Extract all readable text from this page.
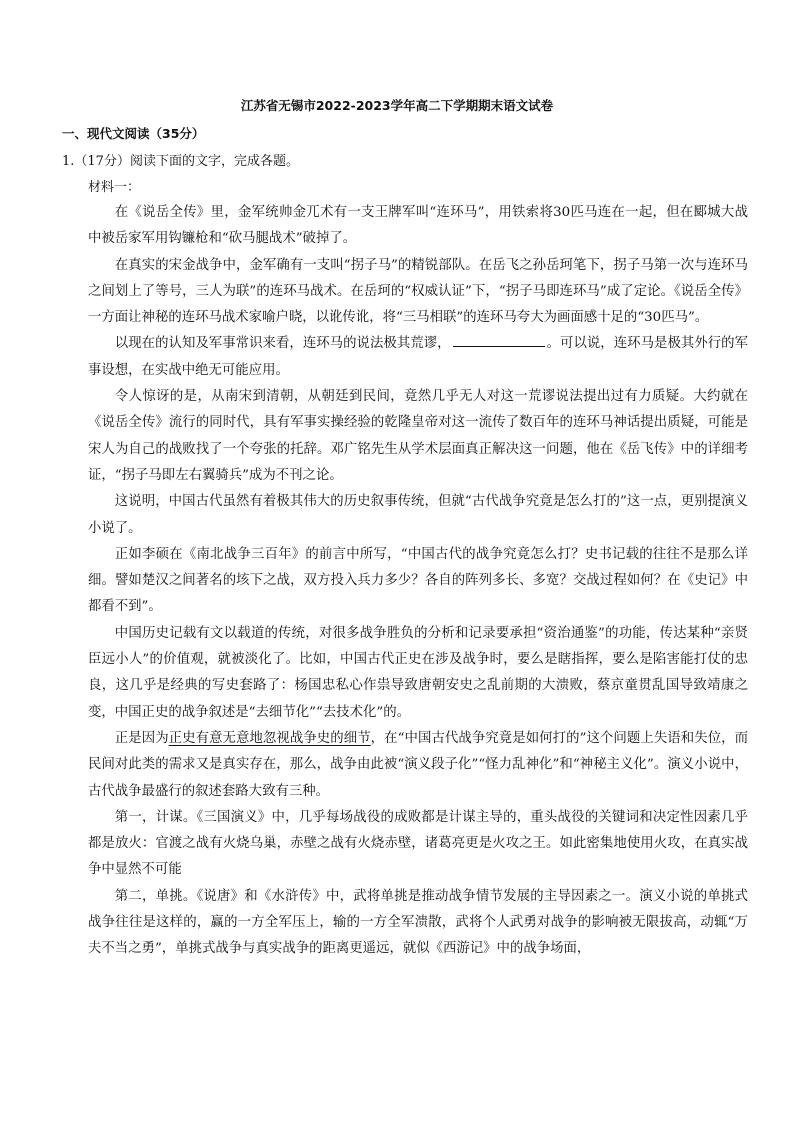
江苏省无锡市2022-2023学年高二下学期期末语文试卷
一、现代文阅读（35分）
1.（17分）阅读下面的文字，完成各题。
材料一：

在《说岳全传》里，金军统帅金兀术有一支王牌军叫“连环马”，用铁索将30匹马连在一起，但在郾城大战中被岳家军用钩镰枪和“砍马腿战术”破掉了。

在真实的宋金战争中，金军确有一支叫“拐子马”的精锐部队。在岳飞之孙岳珂笔下，拐子马第一次与连环马之间划上了等号，三人为联”的连环马战术。在岳珂的“权威认证”下，“拐子马即连环马”成了定论。《说岳全传》一方面让神秘的连环马战术家喻户晓，以讹传讹，将“三马相联”的连环马夸大为画面感十足的“30匹马”。

以现在的认知及军事常识来看，连环马的说法极其荒谬，	。可以说，连环马是极其外行的军事设想，在实战中绝无可能应用。

令人惊讶的是，从南宋到清朝，从朝廷到民间，竟然几乎无人对这一荒谬说法提出过有力质疑。大约就在《说岳全传》流行的同时代，具有军事实操经验的乾隆皇帝对这一流传了数百年的连环马神话提出质疑，可能是宋人为自己的战败找了一个夸张的托辞。邓广铭先生从学术层面真正解决这一问题，他在《岳飞传》中的详细考证，“拐子马即左右翼骑兵”成为不刊之论。

这说明，中国古代虽然有着极其伟大的历史叙事传统，但就“古代战争究竟是怎么打的”这一点，更别提演义小说了。

正如李硕在《南北战争三百年》的前言中所写，“中国古代的战争究竟怎么打？史书记载的往往不是那么详细。譬如楚汉之间著名的垓下之战，双方投入兵力多少？各自的阵列多长、多宽？交战过程如何？在《史记》中都看不到”。

中国历史记载有文以载道的传统，对很多战争胜负的分析和记录要承担“资治通鉴”的功能，传达某种“亲贤臣远小人”的价值观，就被淡化了。比如，中国古代正史在涉及战争时，要么是瞎指挥，要么是陷害能打仗的忠良，这几乎是经典的写史套路了：杨国忠私心作祟导致唐朝安史之乱前期的大溃败，蔡京童贯乱国导致靖康之变，中国正史的战争叙述是“去细节化”“去技术化”的。

正是因为正史有意无意地忽视战争史的细节，在“中国古代战争究竟是如何打的”这个问题上失语和失位，而民间对此类的需求又是真实存在，那么，战争由此被“演义段子化”“怪力乱神化”和“神秘主义化”。演义小说中，古代战争最盛行的叙述套路大致有三种。

第一，计谋。《三国演义》中，几乎每场战役的成败都是计谋主导的，重头战役的关键词和决定性因素几乎都是放火：官渡之战有火烧乌巢，赤壁之战有火烧赤壁，诸葛亮更是火攻之王。如此密集地使用火攻，在真实战争中显然不可能

第二，单挑。《说唐》和《水浒传》中，武将单挑是推动战争情节发展的主导因素之一。演义小说的单挑式战争往往是这样的，赢的一方全军压上，输的一方全军溃散，武将个人武勇对战争的影响被无限拔高，动辄“万夫不当之勇”，单挑式战争与真实战争的距离更遥远，就似《西游记》中的战争场面，
